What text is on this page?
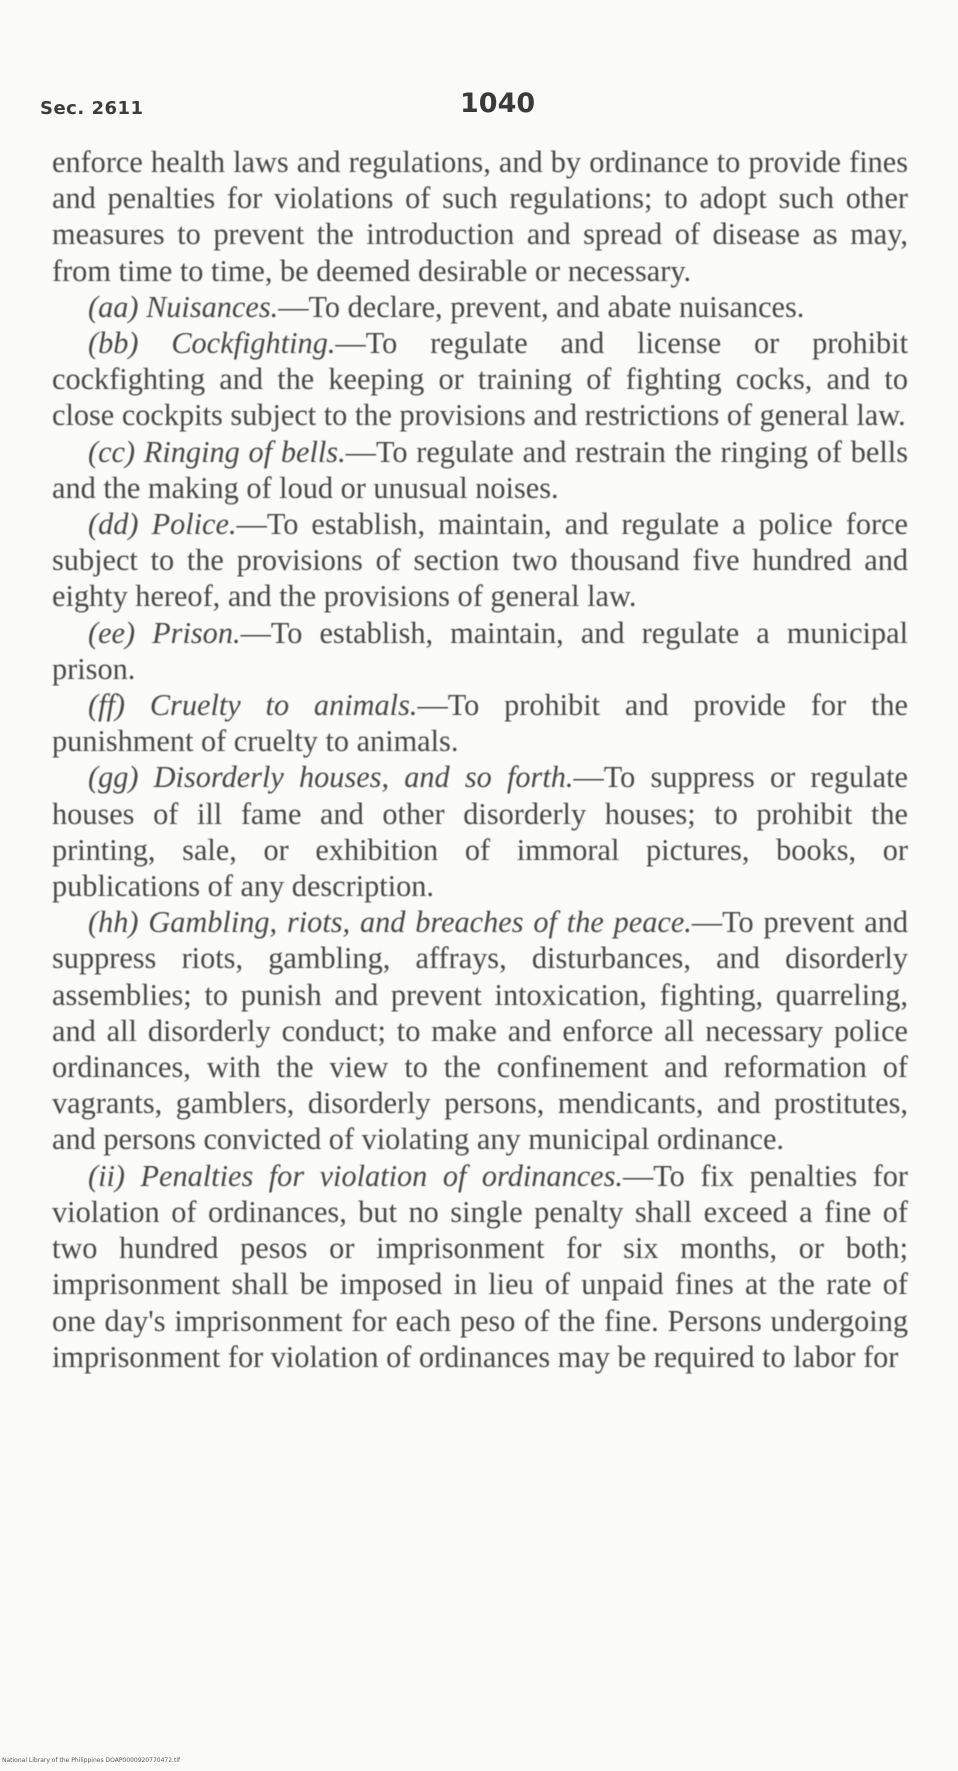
Sec. 2611	1040

enforce health laws and regulations, and by ordinance to provide fines and penalties for violations of such regulations; to adopt such other measures to prevent the introduction and spread of disease as may, from time to time, be deemed desirable or necessary.

(aa) Nuisances.—To declare, prevent, and abate nuisances.

(bb) Cockfighting.—To regulate and license or prohibit cockfighting and the keeping or training of fighting cocks, and to close cockpits subject to the provisions and restrictions of general law.

(cc) Ringing of bells.—To regulate and restrain the ringing of bells and the making of loud or unusual noises.

(dd) Police.—To establish, maintain, and regulate a police force subject to the provisions of section two thousand five hundred and eighty hereof, and the provisions of general law.

(ee) Prison.—To establish, maintain, and regulate a municipal prison.

(ff) Cruelty to animals.—To prohibit and provide for the punishment of cruelty to animals.

(gg) Disorderly houses, and so forth.—To suppress or regulate houses of ill fame and other disorderly houses; to prohibit the printing, sale, or exhibition of immoral pictures, books, or publications of any description.

(hh) Gambling, riots, and breaches of the peace.—To prevent and suppress riots, gambling, affrays, disturbances, and disorderly assemblies; to punish and prevent intoxication, fighting, quarreling, and all disorderly conduct; to make and enforce all necessary police ordinances, with the view to the confinement and reformation of vagrants, gamblers, disorderly persons, mendicants, and prostitutes, and persons convicted of violating any municipal ordinance.

(ii) Penalties for violation of ordinances.—To fix penalties for violation of ordinances, but no single penalty shall exceed a fine of two hundred pesos or imprisonment for six months, or both; imprisonment shall be imposed in lieu of unpaid fines at the rate of one day's imprisonment for each peso of the fine. Persons undergoing imprisonment for violation of ordinances may be required to labor for

National Library of the Philippines DOAP0000920770472.tif
